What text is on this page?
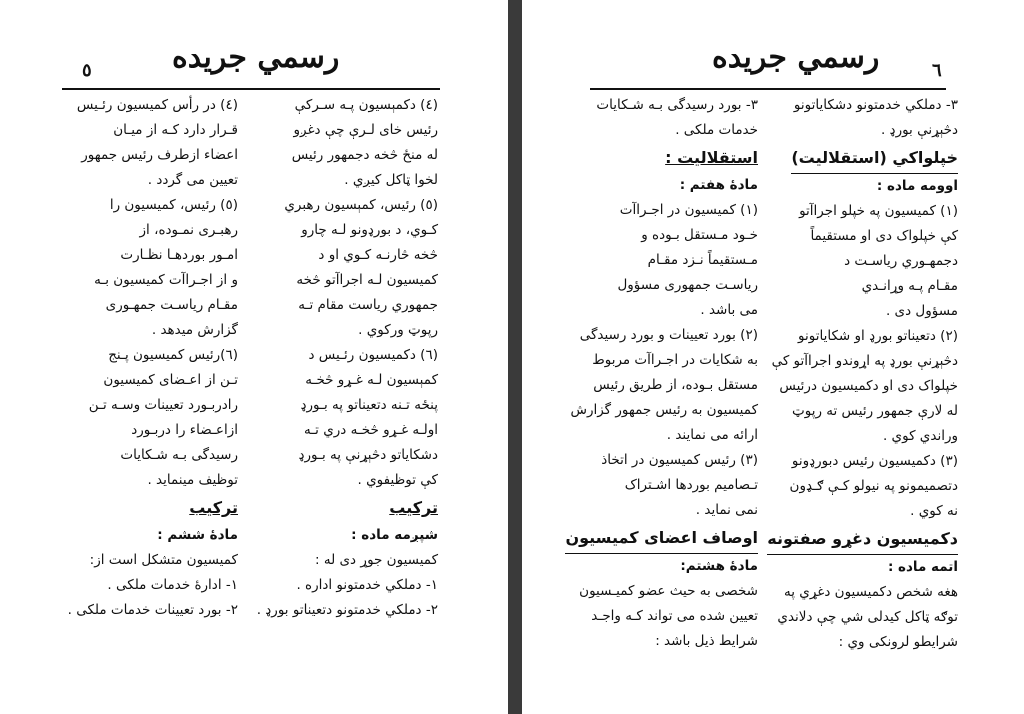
رسمي جريده
٥
(٤) دکمېسيون پـه سـرکې
رئيس خای لـرې چې دغږو
له منځ څخه دجمهور رئيس
لخوا ټاکل کيږي .
(٥) رئيس، کمېسيون رهبري
کـوي، د بورډونو لـه چارو
څخه څارنـه کـوي او د
کميسيون لـه اجراآتو څخه
جمهوري رياست مقام تـه
رپوټ ورکوي .
(٦) دکميسيون رئـيس د
کمېسيون لـه غـړو څخـه
پنځه تـنه دتعيناتو په بـورډ
اولـه غـړو څخـه دري تـه
دشکاياتو دڅېړنې په بـورډ
کې توظيفوي .
ترکيب
شپږمه ماده :
کميسيون جوړ دی له :
١- دملکي خدمتونو اداره .
٢- دملکي خدمتونو دتعيناتو بورډ .
(٤) در رأس کميسيون رئـيس
قـرار دارد کـه از ميـان
اعضاء ازطرف رئيس جمهور
تعيين مى گردد .
(٥) رئيس، کميسيون را
رهبـرى نمـوده، از
امـور بوردهـا نظـارت
و از اجـراآت کميسيون بـه
مقـام رياسـت جمهـورى
گزارش ميدهد .
(٦)رئيس کميسيون پـنج
تـن از اعـضاى کميسيون
رادربـورد تعيينات وسـه تـن
ازاعـضاء را دربـورد
رسيدگى بـه شـکايات
توظيف مينمايد .
ترکيب
مادۀ ششم :
کميسيون متشکل است از:
١- ادارۀ خدمات ملکى .
٢- بورد تعيينات خدمات ملکى .
رسمي جريده	٦
٣- دملکي خدمتونو دشکاياتونو
دڅېړنې بورډ .
خپلواکي (استقلاليت)
اوومه ماده :
(١) کميسيون په خپلو اجراآتو
کې خپلواک دی او مستقيماً
دجمهـوري رياسـت د
مقـام پـه وړانـدي
مسؤول دی .
(٢) دتعيناتو بورډ او شکاياتونو
دڅېړنې بورډ په اړوندو اجراآتو کې
خپلواک دی او دکميسيون درئيس
له لارې جمهور رئيس ته رپوټ
وراندي کوي .
(٣) دکميسيون رئيس دبورډونو
دتصميمونو په نيولو کـې ګـډون
نه کوي .
دکميسيون دغړو صفتونه
اتمه ماده :
هغه شخص دکميسيون دغړي په
توګه ټاکل کيدلی شي چې دلاندي
شرايطو لرونکی وي :
٣- بورد رسيدگى بـه شـکايات
خدمات ملکى .
استقلاليت :
مادۀ هفتم :
(١) کميسيون در اجـراآت
خـود مـستقل بـوده و
مـستقيماً نـزد مقـام
رياسـت جمهورى مسؤول
مى باشد .
(٢) بورد تعيينات و بورد رسيدگى
به شکايات در اجـراآت مربوط
مستقل بـوده، از طريق رئيس
کميسيون به رئيس جمهور گزارش
ارائه مى نمايند .
(٣) رئيس کميسيون در اتخاذ
تـصاميم بوردها اشـتراک
نمى نمايد .
اوصاف اعضاى کميسيون
مادۀ هشتم:
شخصى به حيث عضو کميـسيون
تعيين شده مى تواند کـه واجـد
شرايط ذيل باشد :
